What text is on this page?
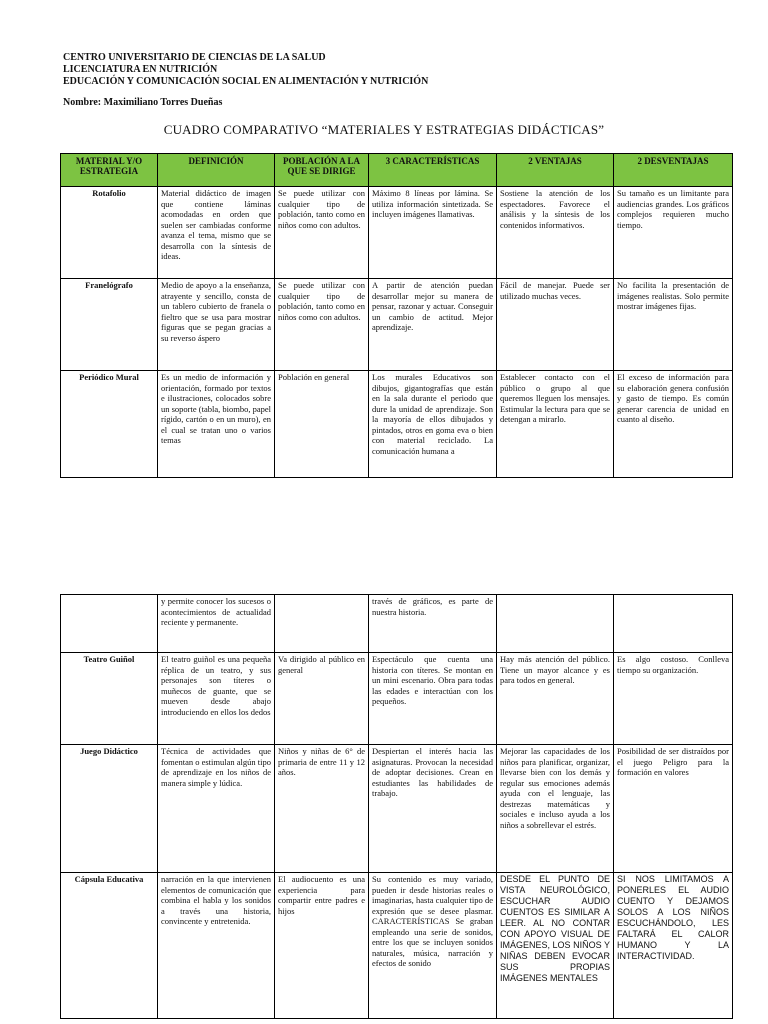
CENTRO UNIVERSITARIO DE CIENCIAS DE LA SALUD
LICENCIATURA EN NUTRICIÓN
EDUCACIÓN Y COMUNICACIÓN SOCIAL EN ALIMENTACIÓN Y NUTRICIÓN
Nombre: Maximiliano Torres Dueñas
CUADRO COMPARATIVO “MATERIALES Y ESTRATEGIAS DIDÁCTICAS”
MATERIAL Y/O ESTRATEGIA	DEFINICIÓN	POBLACIÓN A LA QUE SE DIRIGE	3 CARACTERÍSTICAS	2 VENTAJAS	2 DESVENTAJAS
Rotafolio	Material didáctico de imagen que contiene láminas acomodadas en orden que suelen ser cambiadas conforme avanza el tema, mismo que se desarrolla con la síntesis de ideas.	Se puede utilizar con cualquier tipo de población, tanto como en niños como con adultos.	Máximo 8 líneas por lámina. Se utiliza información sintetizada. Se incluyen imágenes llamativas.	Sostiene la atención de los espectadores. Favorece el análisis y la síntesis de los contenidos informativos.	Su tamaño es un limitante para audiencias grandes. Los gráficos complejos requieren mucho tiempo.
Franelógrafo	Medio de apoyo a la enseñanza, atrayente y sencillo, consta de un tablero cubierto de franela o fieltro que se usa para mostrar figuras que se pegan gracias a su reverso áspero	Se puede utilizar con cualquier tipo de población, tanto como en niños como con adultos.	A partir de atención puedan desarrollar mejor su manera de pensar, razonar y actuar. Conseguir un cambio de actitud. Mejor aprendizaje.	Fácil de manejar. Puede ser utilizado muchas veces.	No facilita la presentación de imágenes realistas. Solo permite mostrar imágenes fijas.
Periódico Mural	Es un medio de información y orientación, formado por textos e ilustraciones, colocados sobre un soporte (tabla, biombo, papel rígido, cartón o en un muro), en el cual se tratan uno o varios temas	Población en general	Los murales Educativos son dibujos, gigantografías que están en la sala durante el periodo que dure la unidad de aprendizaje. Son la mayoría de ellos dibujados y pintados, otros en goma eva o bien con material reciclado. La comunicación humana a	Establecer contacto con el público o grupo al que queremos lleguen los mensajes. Estimular la lectura para que se detengan a mirarlo.	El exceso de información para su elaboración genera confusión y gasto de tiempo. Es común generar carencia de unidad en cuanto al diseño.
	y permite conocer los sucesos o acontecimientos de actualidad reciente y permanente.		través de gráficos, es parte de nuestra historia.		
Teatro Guiñol	El teatro guiñol es una pequeña réplica de un teatro, y sus personajes son títeres o muñecos de guante, que se mueven desde abajo introduciendo en ellos los dedos	Va dirigido al público en general	Espectáculo que cuenta una historia con títeres. Se montan en un mini escenario. Obra para todas las edades e interactúan con los pequeños.	Hay más atención del público. Tiene un mayor alcance y es para todos en general.	Es algo costoso. Conlleva tiempo su organización.
Juego Didáctico	Técnica de actividades que fomentan o estimulan algún tipo de aprendizaje en los niños de manera simple y lúdica.	Niños y niñas de 6° de primaria de entre 11 y 12 años.	Despiertan el interés hacia las asignaturas. Provocan la necesidad de adoptar decisiones. Crean en estudiantes las habilidades de trabajo.	Mejorar las capacidades de los niños para planificar, organizar, llevarse bien con los demás y regular sus emociones además ayuda con el lenguaje, las destrezas matemáticas y sociales e incluso ayuda a los niños a sobrellevar el estrés.	Posibilidad de ser distraídos por el juego Peligro para la formación en valores
Cápsula Educativa	narración en la que intervienen elementos de comunicación que combina el habla y los sonidos a través una historia, convincente y entretenida.	El audiocuento es una experiencia para compartir entre padres e hijos	Su contenido es muy variado, pueden ir desde historias reales o imaginarias, hasta cualquier tipo de expresión que se desee plasmar. CARACTERÍSTICAS Se graban empleando una serie de sonidos, entre los que se incluyen sonidos naturales, música, narración y efectos de sonido	DESDE EL PUNTO DE VISTA NEUROLÓGICO, ESCUCHAR AUDIO CUENTOS ES SIMILAR A LEER. AL NO CONTAR CON APOYO VISUAL DE IMÁGENES, LOS NIÑOS Y NIÑAS DEBEN EVOCAR SUS PROPIAS IMÁGENES MENTALES	SI NOS LIMITAMOS A PONERLES EL AUDIO CUENTO Y DEJAMOS SOLOS A LOS NIÑOS ESCUCHÁNDOLO, LES FALTARÁ EL CALOR HUMANO Y LA INTERACTIVIDAD.
